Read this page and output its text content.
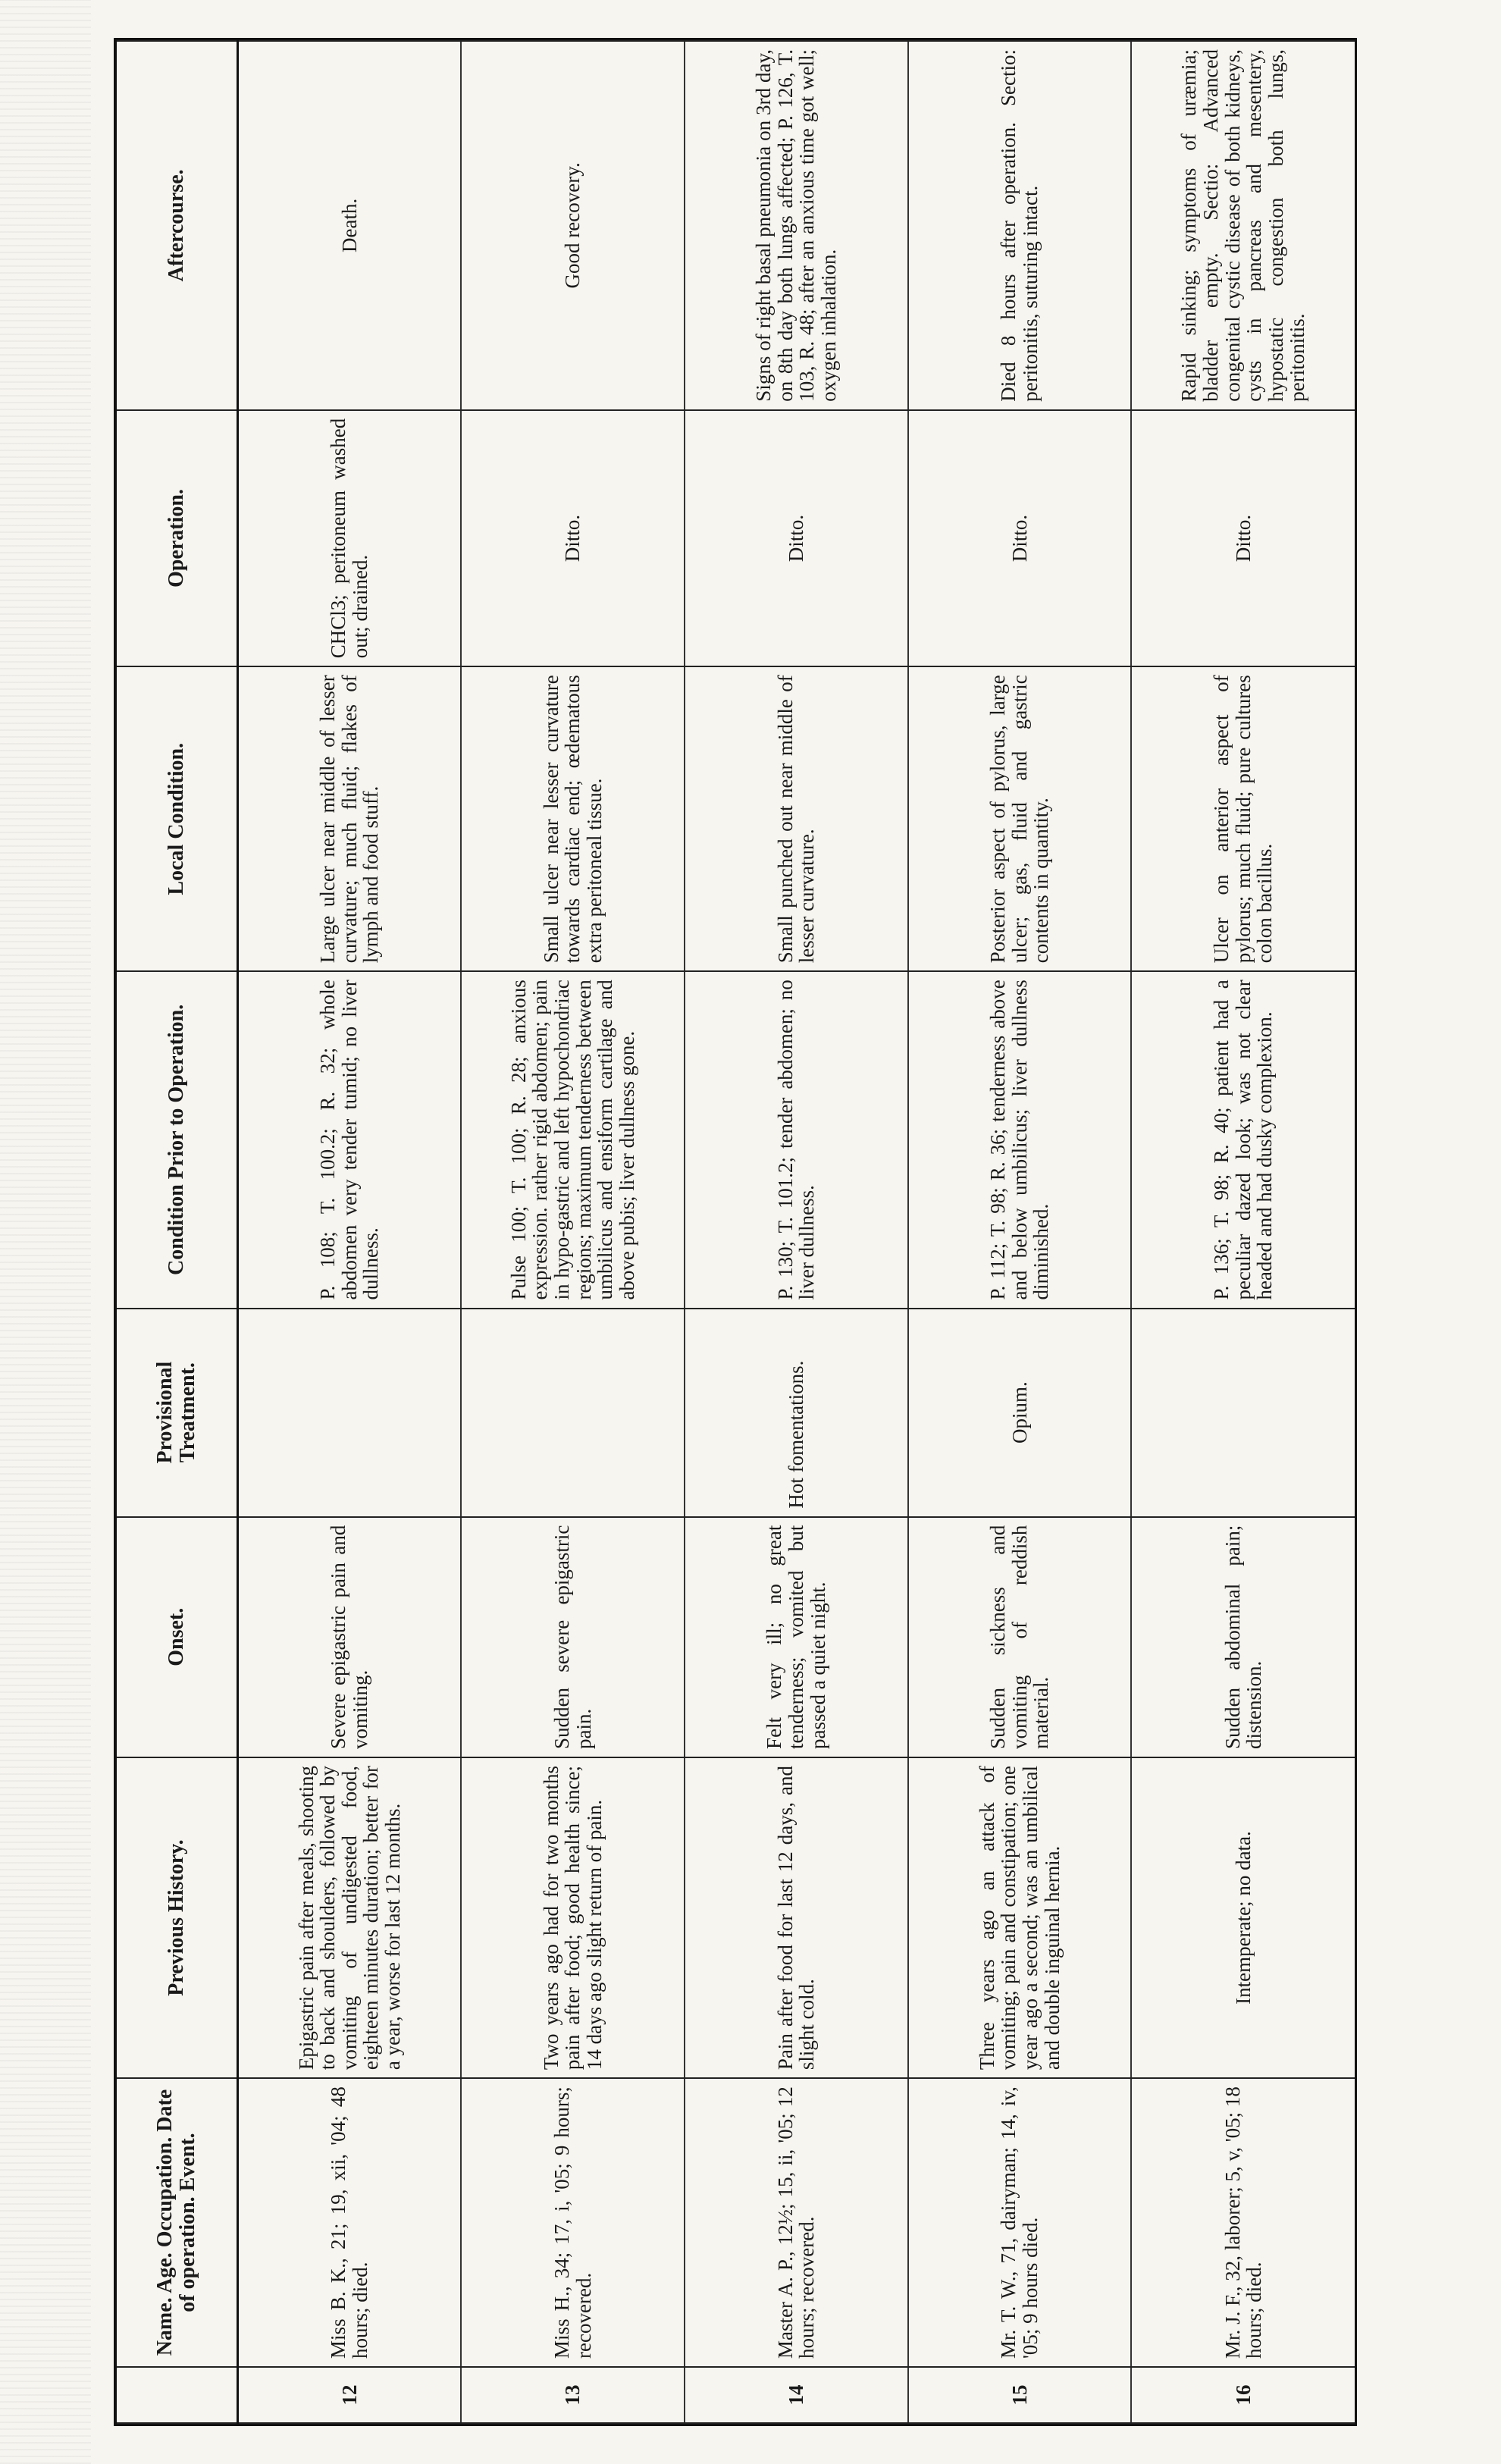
	Name. Age. Occupation. Date of operation. Event.	Previous History.	Onset.	Provisional Treatment.	Condition Prior to Operation.	Local Condition.	Operation.	Aftercourse.
12	Miss B. K., 21; 19, xii, '04; 48 hours; died.	Epigastric pain after meals, shooting to back and shoulders, followed by vomiting of undigested food, eighteen minutes duration; better for a year, worse for last 12 months.	Severe epigastric pain and vomiting.		P. 108; T. 100.2; R. 32; whole abdomen very tender tumid; no liver dullness.	Large ulcer near middle of lesser curvature; much fluid; flakes of lymph and food stuff.	CHCl3; peritoneum washed out; drained.	Death.
13	Miss H., 34; 17, i, '05; 9 hours; recovered.	Two years ago had for two months pain after food; good health since; 14 days ago slight return of pain.	Sudden severe epigastric pain.		Pulse 100; T. 100; R. 28; anxious expression. rather rigid abdomen; pain in hypo-gastric and left hypochondriac regions; maximum tenderness between umbilicus and ensiform cartilage and above pubis; liver dullness gone.	Small ulcer near lesser curvature towards cardiac end; œdematous extra peritoneal tissue.	Ditto.	Good recovery.
14	Master A. P., 12½; 15, ii, '05; 12 hours; recovered.	Pain after food for last 12 days, and slight cold.	Felt very ill; no great tenderness; vomited but passed a quiet night.	Hot fomentations.	P. 130; T. 101.2; tender abdomen; no liver dullness.	Small punched out near middle of lesser curvature.	Ditto.	Signs of right basal pneumonia on 3rd day, on 8th day both lungs affected; P. 126, T. 103, R. 48; after an anxious time got well; oxygen inhalation.
15	Mr. T. W., 71, dairyman; 14, iv, '05; 9 hours died.	Three years ago an attack of vomiting; pain and constipation; one year ago a second; was an umbilical and double inguinal hernia.	Sudden sickness and vomiting of reddish material.	Opium.	P. 112; T. 98; R. 36; tenderness above and below umbilicus; liver dullness diminished.	Posterior aspect of pylorus, large ulcer; gas, fluid and gastric contents in quantity.	Ditto.	Died 8 hours after operation. Sectio: peritonitis, suturing intact.
16	Mr. J. F., 32, laborer; 5, v, '05; 18 hours; died.	Intemperate; no data.	Sudden abdominal pain; distension.		P. 136; T. 98; R. 40; patient had a peculiar dazed look; was not clear headed and had dusky complexion.	Ulcer on anterior aspect of pylorus; much fluid; pure cultures colon bacillus.	Ditto.	Rapid sinking; symptoms of uræmia; bladder empty. Sectio: Advanced congenital cystic disease of both kidneys, cysts in pancreas and mesentery, hypostatic congestion both lungs, peritonitis.
